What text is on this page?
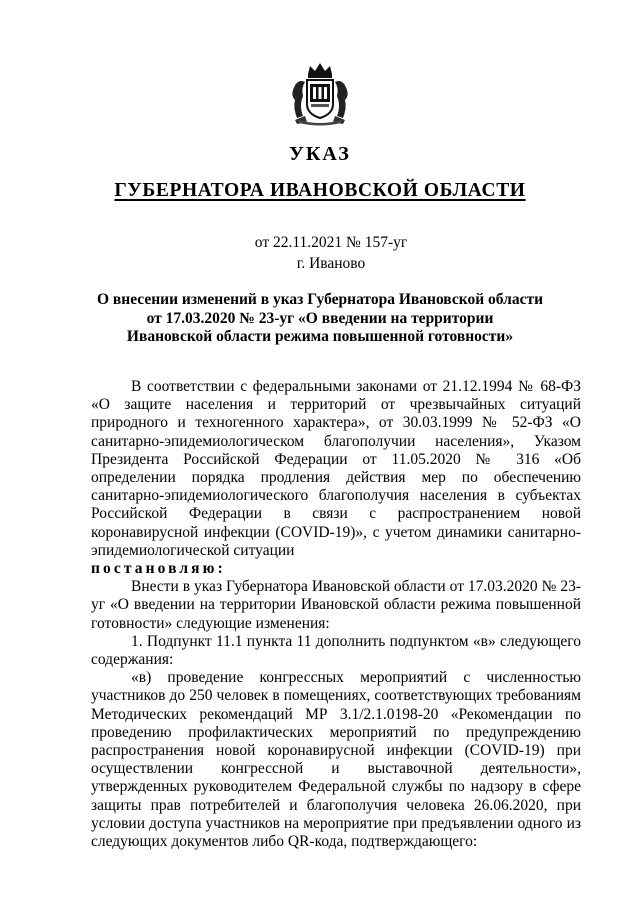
УКАЗ
ГУБЕРНАТОРА ИВАНОВСКОЙ ОБЛАСТИ
от 22.11.2021 № 157-уг
г. Иваново
О внесении изменений в указ Губернатора Ивановской области
от 17.03.2020 № 23-уг «О введении на территории
Ивановской области режима повышенной готовности»

В соответствии с федеральными законами от 21.12.1994 № 68-ФЗ «О защите населения и территорий от чрезвычайных ситуаций природного и техногенного характера», от 30.03.1999 № 52-ФЗ «О санитарно-эпидемиологическом благополучии населения», Указом Президента Российской Федерации от 11.05.2020 № 316 «Об определении порядка продления действия мер по обеспечению санитарно-эпидемиологического благополучия населения в субъектах Российской Федерации в связи с распространением новой коронавирусной инфекции (COVID-19)», с учетом динамики санитарно-эпидемиологической ситуации

постановляю:

Внести в указ Губернатора Ивановской области от 17.03.2020 № 23-уг «О введении на территории Ивановской области режима повышенной готовности» следующие изменения:

1. Подпункт 11.1 пункта 11 дополнить подпунктом «в» следующего содержания:

«в) проведение конгрессных мероприятий с численностью участников до 250 человек в помещениях, соответствующих требованиям Методических рекомендаций МР 3.1/2.1.0198-20 «Рекомендации по проведению профилактических мероприятий по предупреждению распространения новой коронавирусной инфекции (COVID-19) при осуществлении конгрессной и выставочной деятельности», утвержденных руководителем Федеральной службы по надзору в сфере защиты прав потребителей и благополучия человека 26.06.2020, при условии доступа участников на мероприятие при предъявлении одного из следующих документов либо QR-кода, подтверждающего:
